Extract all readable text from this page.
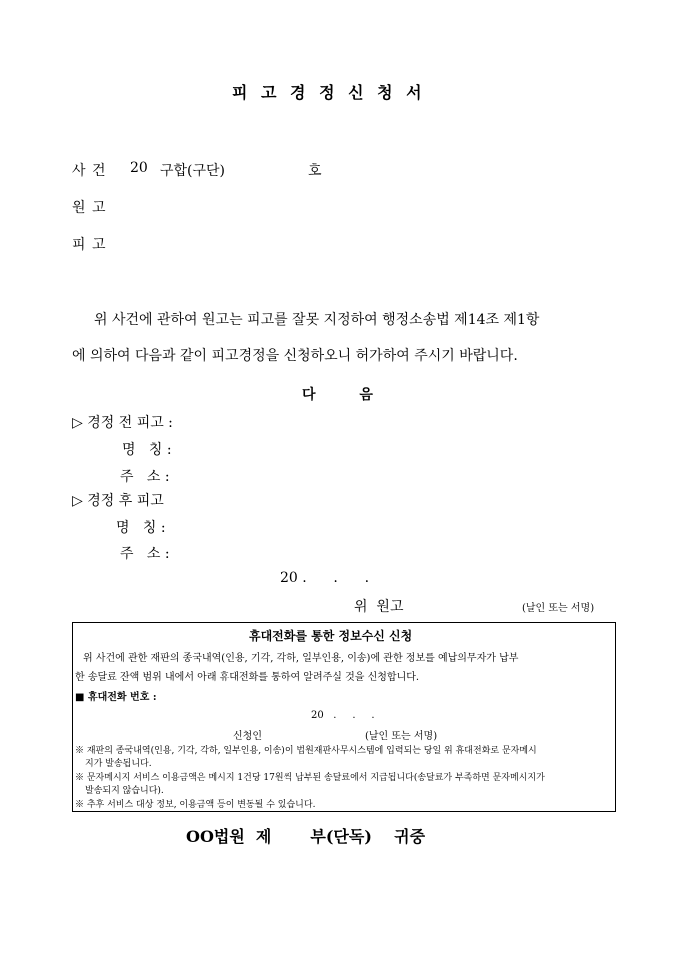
피 고 경 정 신 청 서
사 건 20 구합(구단)	호
원 고
피 고
위 사건에 관하여 원고는 피고를 잘못 지정하여 행정소송법 제14조 제1항
에 의하여 다음과 같이 피고경정을 신청하오니 허가하여 주시기 바랍니다.
다         음
▷ 경정 전 피고 :
명   칭 :
주   소 :
▷ 경정 후 피고
명   칭 :
주   소 :
20 .      .      .
위  원고	(날인 또는 서명)
휴대전화를 통한 정보수신 신청
위 사건에 관한 재판의 종국내역(인용, 기각, 각하, 일부인용, 이송)에 관한 정보를 예납의무자가 납부
한 송달료 잔액 범위 내에서 아래 휴대전화를 통하여 알려주실 것을 신청합니다.
■ 휴대전화 번호 :
20   .     .     .
신청인	(날인 또는 서명)
※ 재판의 종국내역(인용, 기각, 각하, 일부인용, 이송)이 법원재판사무시스템에 입력되는 당일 위 휴대전화로 문자메시
지가 발송됩니다.
※ 문자메시지 서비스 이용금액은 메시지 1건당 17원씩 납부된 송달료에서 지급됩니다(송달료가 부족하면 문자메시지가
발송되지 않습니다).
※ 추후 서비스 대상 정보, 이용금액 등이 변동될 수 있습니다.
OO법원  제       부(단독)    귀중
